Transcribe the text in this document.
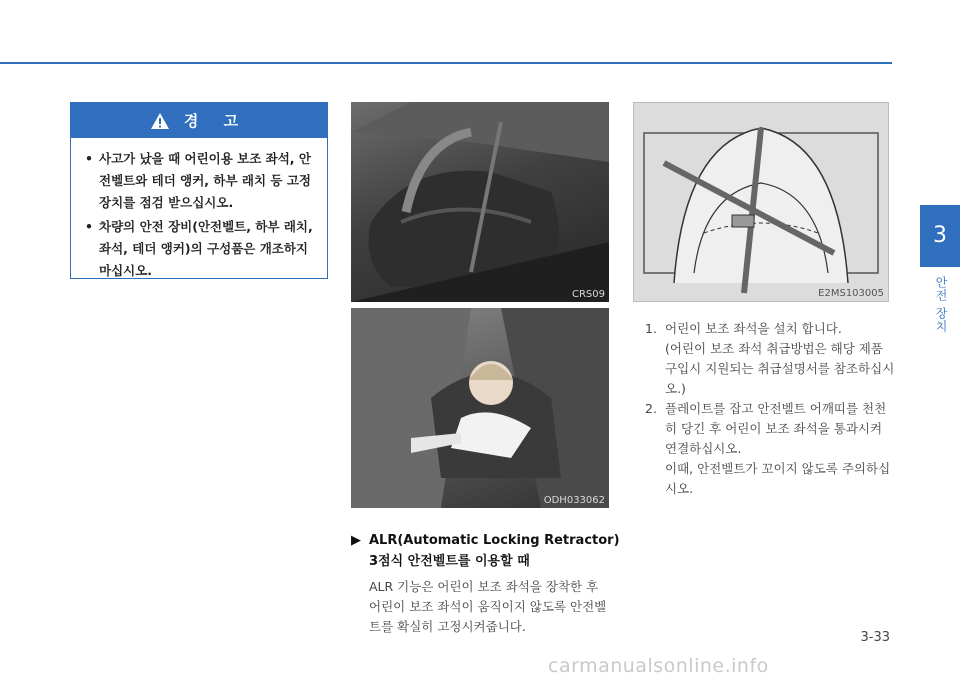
3
안전 장치
경 고
• 사고가 났을 때 어린이용 보조 좌석, 안전벨트와 테더 앵커, 하부 래치 등 고정장치를 점검 받으십시오.
• 차량의 안전 장비(안전벨트, 하부 래치, 좌석, 테더 앵커)의 구성품은 개조하지 마십시오.
CRS09
ODH033062
E2MS103005
▶ ALR(Automatic Locking Retractor)
3점식 안전벨트를 이용할 때
ALR 기능은 어린이 보조 좌석을 장착한 후 어린이 보조 좌석이 움직이지 않도록 안전벨트를 확실히 고정시켜줍니다.
1. 어린이 보조 좌석을 설치 합니다.
(어린이 보조 좌석 취급방법은 해당 제품 구입시 지원되는 취급설명서를 참조하십시오.)
2. 플레이트를 잡고 안전벨트 어깨띠를 천천히 당긴 후 어린이 보조 좌석을 통과시켜 연결하십시오.
이때, 안전벨트가 꼬이지 않도록 주의하십시오.
3-33
carmanualsonline.info
